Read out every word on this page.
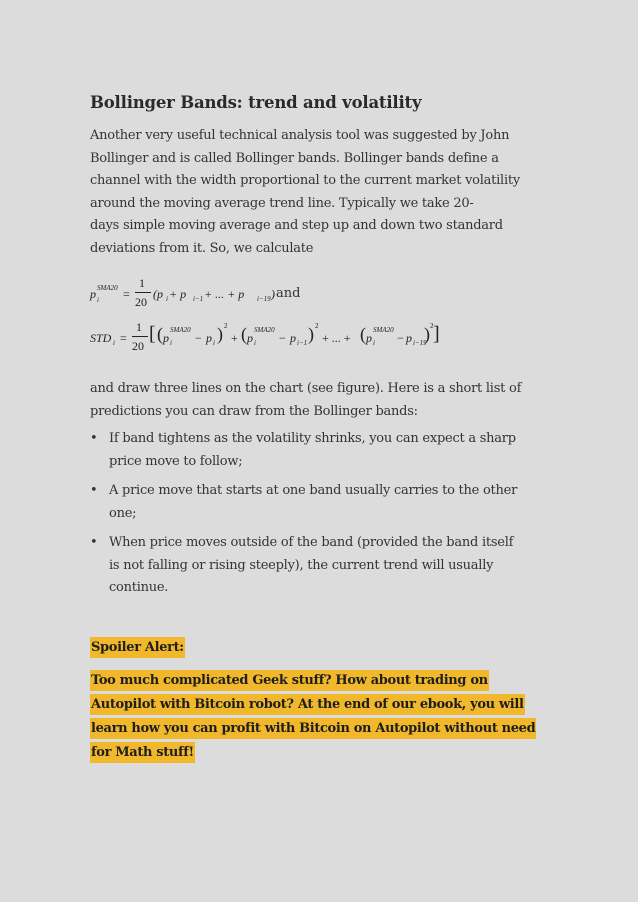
Bollinger Bands: trend and volatility

Another very useful technical analysis tool was suggested by John
Bollinger and is called Bollinger bands. Bollinger bands define a
channel with the width proportional to the current market volatility
around the moving average trend line. Typically we take 20-
days simple moving average and step up and down two standard
deviations from it. So, we calculate

p i
SMA20 =
1
20
(p i + p i−1 + ... + p i−19 ) and
STD i =
1
20
[ ( p
SMA20
i − p i ) 2
+ ( p
SMA20
i − p i−1 ) 2
+ ... + ( p
SMA20
i − p i−19
) 2 ]

and draw three lines on the chart (see figure). Here is a short list of
predictions you can draw from the Bollinger bands:

• If band tightens as the volatility shrinks, you can expect a sharp
price move to follow;
• A price move that starts at one band usually carries to the other
one;
• When price moves outside of the band (provided the band itself
is not falling or rising steeply), the current trend will usually
continue.
Spoiler Alert:
Too much complicated Geek stuff? How about trading on
Autopilot with Bitcoin robot? At the end of our ebook, you will
learn how you can profit with Bitcoin on Autopilot without need
for Math stuff!
